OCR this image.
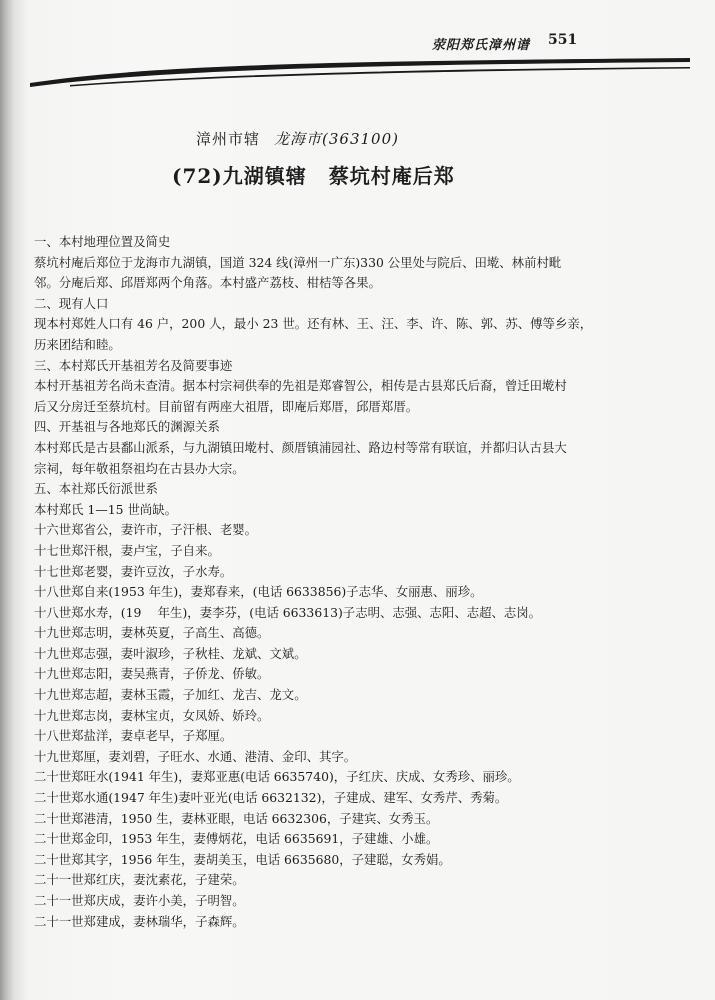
荥阳郑氏漳州谱 551
漳州市辖 龙海市(363100)
(72)九湖镇辖 蔡坑村庵后郑

一、本村地理位置及简史

蔡坑村庵后郑位于龙海市九湖镇，国道 324 线(漳州一广东)330 公里处与院后、田墘、林前村毗

邻。分庵后郑、邱厝郑两个角落。本村盛产荔枝、柑桔等各果。

二、现有人口

现本村郑姓人口有 46 户，200 人，最小 23 世。还有林、王、汪、李、许、陈、郭、苏、傅等乡亲，

历来团结和睦。

三、本村郑氏开基祖芳名及简要事迹

本村开基祖芳名尚未查清。据本村宗祠供奉的先祖是郑睿智公，相传是古县郑氏后裔，曾迁田墘村

后又分房迁至蔡坑村。目前留有两座大祖厝，即庵后郑厝，邱厝郑厝。

四、开基祖与各地郑氏的渊源关系

本村郑氏是古县鄱山派系，与九湖镇田墘村、颜厝镇浦园社、路边村等常有联谊，并都归认古县大

宗祠，每年敬祖祭祖均在古县办大宗。

五、本社郑氏衍派世系

本村郑氏 1—15 世尚缺。

十六世郑省公，妻许市，子汗根、老婴。

十七世郑汗根，妻卢宝，子自来。

十七世郑老婴，妻许豆汝，子水寿。

十八世郑自来(1953 年生)，妻郑春来，(电话 6633856)子志华、女丽惠、丽珍。

十八世郑水寿，(19　 年生)，妻李芬，(电话 6633613)子志明、志强、志阳、志超、志岗。

十九世郑志明，妻林英夏，子高生、高德。

十九世郑志强，妻叶淑珍，子秋桂、龙斌、文斌。

十九世郑志阳，妻吴燕青，子侨龙、侨敏。

十九世郑志超，妻林玉霞，子加红、龙吉、龙文。

十九世郑志岗，妻林宝贞，女凤娇、娇玲。

十八世郑盐洋，妻卓老早，子郑厘。

十九世郑厘，妻刘碧，子旺水、水通、港清、金印、其字。

二十世郑旺水(1941 年生)，妻郑亚惠(电话 6635740)，子红庆、庆成、女秀珍、丽珍。

二十世郑水通(1947 年生)妻叶亚光(电话 6632132)，子建成、建军、女秀芹、秀菊。

二十世郑港清，1950 生，妻林亚眼，电话 6632306，子建宾、女秀玉。

二十世郑金印，1953 年生，妻傅炳花，电话 6635691，子建雄、小雄。

二十世郑其字，1956 年生，妻胡美玉，电话 6635680，子建聪，女秀娟。

二十一世郑红庆，妻沈素花，子建荣。

二十一世郑庆成，妻许小美，子明智。

二十一世郑建成，妻林瑞华，子森辉。
